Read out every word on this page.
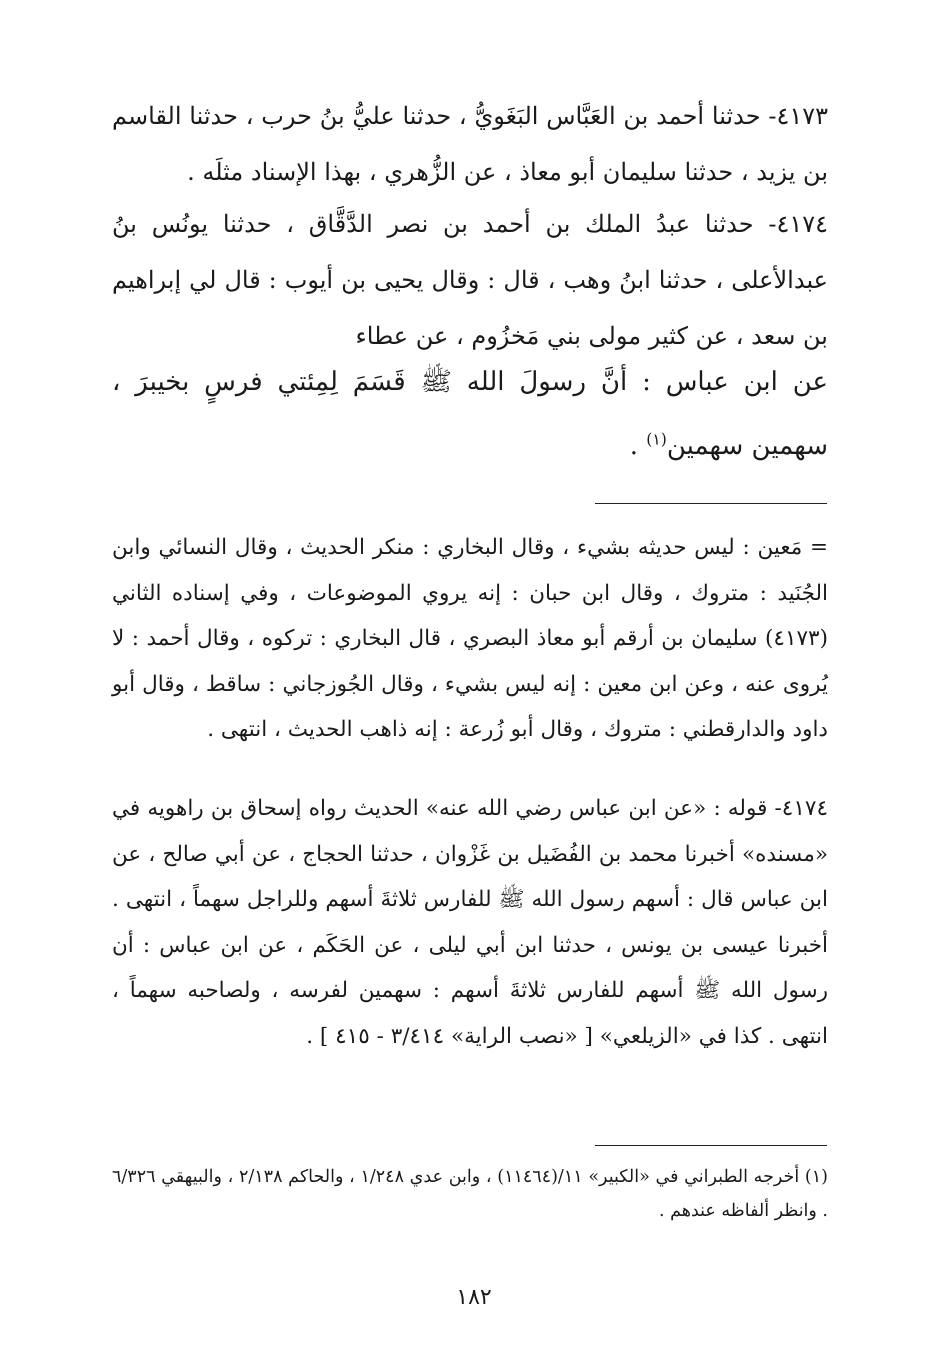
٤١٧٣- حدثنا أحمد بن العَبَّاس البَغَويُّ ، حدثنا عليُّ بنُ حرب ، حدثنا القاسم بن يزيد ، حدثنا سليمان أبو معاذ ، عن الزُّهري ، بهذا الإسناد مثلَه .

٤١٧٤- حدثنا عبدُ الملك بن أحمد بن نصر الدَّقَّاق ، حدثنا يونُس بنُ عبدالأعلى ، حدثنا ابنُ وهب ، قال : وقال يحيى بن أيوب : قال لي إبراهيم بن سعد ، عن كثير مولى بني مَخزُوم ، عن عطاء

عن ابن عباس : أنَّ رسولَ الله ﷺ قَسَمَ لِمِئتي فرسٍ بخيبرَ ، سهمين سهمين$^{(١)}$ .

= مَعين : ليس حديثه بشيء ، وقال البخاري : منكر الحديث ، وقال النسائي وابن الجُنَيد : متروك ، وقال ابن حبان : إنه يروي الموضوعات ، وفي إسناده الثاني (٤١٧٣) سليمان بن أرقم أبو معاذ البصري ، قال البخاري : تركوه ، وقال أحمد : لا يُروى عنه ، وعن ابن معين : إنه ليس بشيء ، وقال الجُوزجاني : ساقط ، وقال أبو داود والدارقطني : متروك ، وقال أبو زُرعة : إنه ذاهب الحديث ، انتهى .

٤١٧٤- قوله : «عن ابن عباس رضي الله عنه» الحديث رواه إسحاق بن راهويه في «مسنده» أخبرنا محمد بن الفُضَيل بن غَزْوان ، حدثنا الحجاج ، عن أبي صالح ، عن ابن عباس قال : أسهم رسول الله ﷺ للفارس ثلاثةَ أسهم وللراجل سهماً ، انتهى . أخبرنا عيسى بن يونس ، حدثنا ابن أبي ليلى ، عن الحَكَم ، عن ابن عباس : أن رسول الله ﷺ أسهم للفارس ثلاثةَ أسهم : سهمين لفرسه ، ولصاحبه سهماً ، انتهى . كذا في «الزيلعي» [ «نصب الراية» ٣/٤١٤ - ٤١٥ ] .

(١) أخرجه الطبراني في «الكبير» ١١/(١١٤٦٤) ، وابن عدي ١/٢٤٨ ، والحاكم ٢/١٣٨ ، والبيهقي ٦/٣٢٦ . وانظر ألفاظه عندهم .

١٨٢
